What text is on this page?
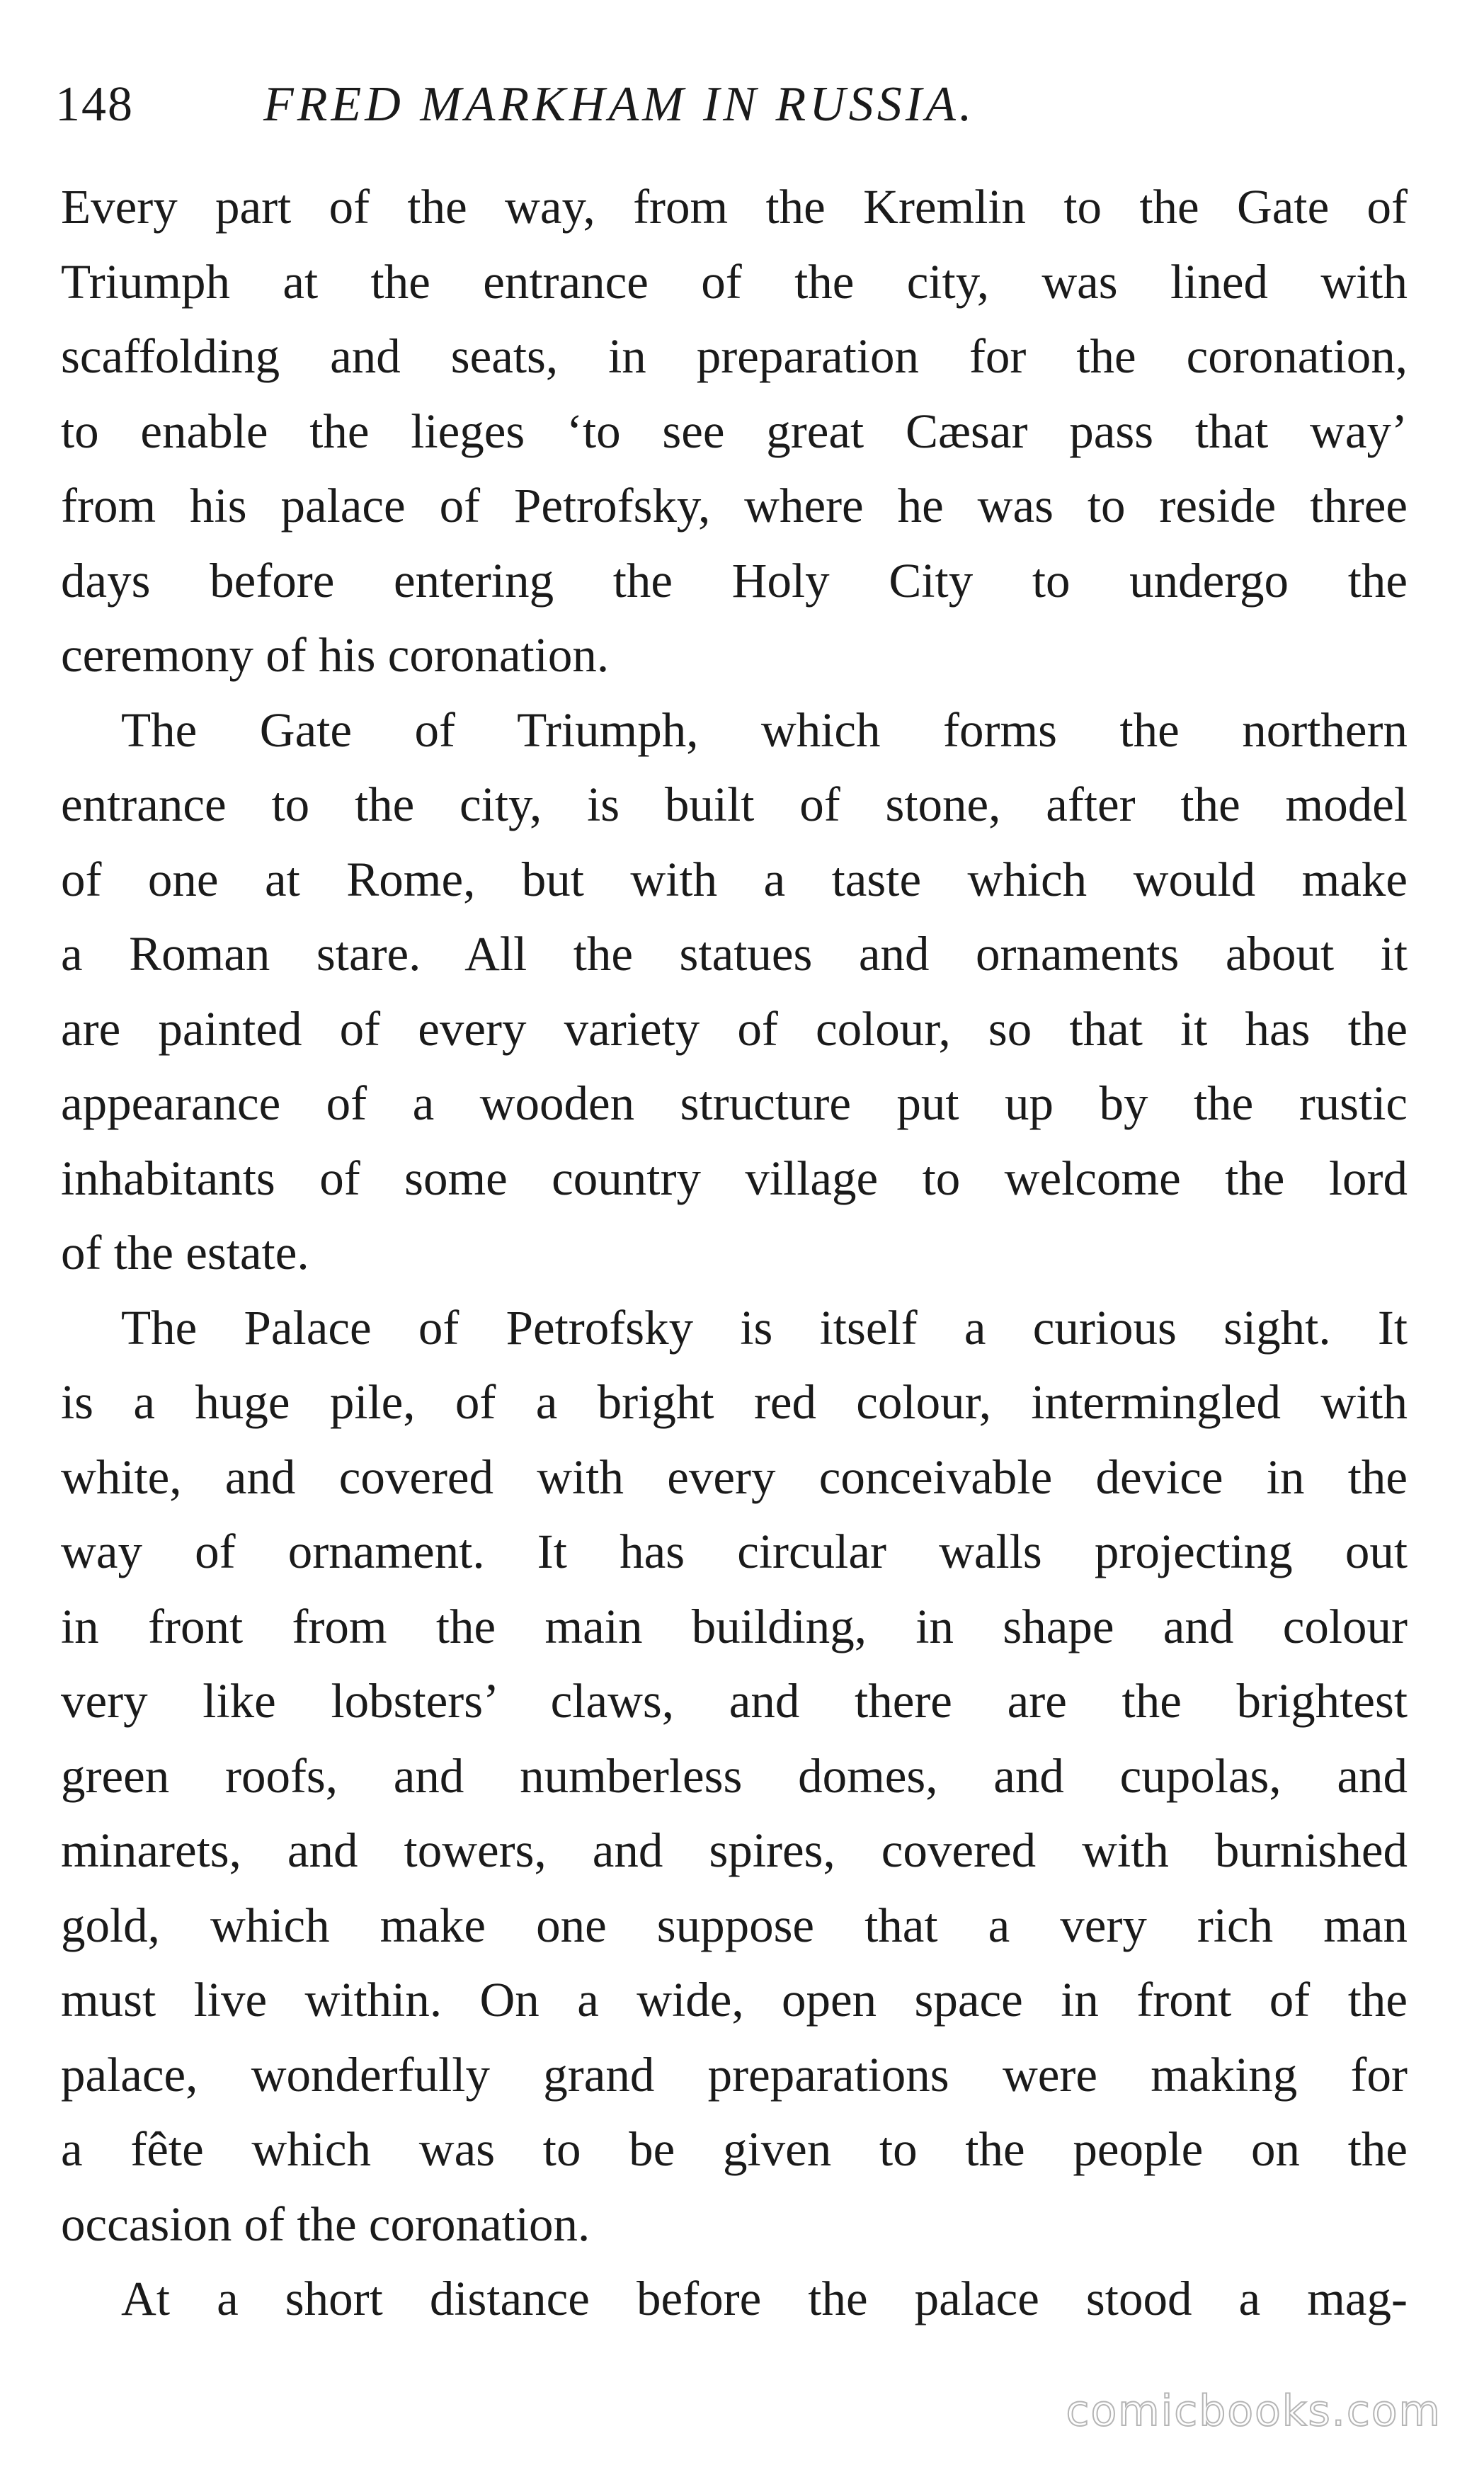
148	FRED MARKHAM IN RUSSIA.
Every part of the way, from the Kremlin to the Gate of
Triumph at the entrance of the city, was lined with
scaffolding and seats, in preparation for the coronation,
to enable the lieges ‘to see great Cæsar pass that way’
from his palace of Petrofsky, where he was to reside three
days before entering the Holy City to undergo the
ceremony of his coronation.
The Gate of Triumph, which forms the northern
entrance to the city, is built of stone, after the model
of one at Rome, but with a taste which would make
a Roman stare. All the statues and ornaments about it
are painted of every variety of colour, so that it has the
appearance of a wooden structure put up by the rustic
inhabitants of some country village to welcome the lord
of the estate.
The Palace of Petrofsky is itself a curious sight. It
is a huge pile, of a bright red colour, intermingled with
white, and covered with every conceivable device in the
way of ornament. It has circular walls projecting out
in front from the main building, in shape and colour
very like lobsters’ claws, and there are the brightest
green roofs, and numberless domes, and cupolas, and
minarets, and towers, and spires, covered with burnished
gold, which make one suppose that a very rich man
must live within. On a wide, open space in front of the
palace, wonderfully grand preparations were making for
a fête which was to be given to the people on the
occasion of the coronation.
At a short distance before the palace stood a mag-
comicbooks.com
